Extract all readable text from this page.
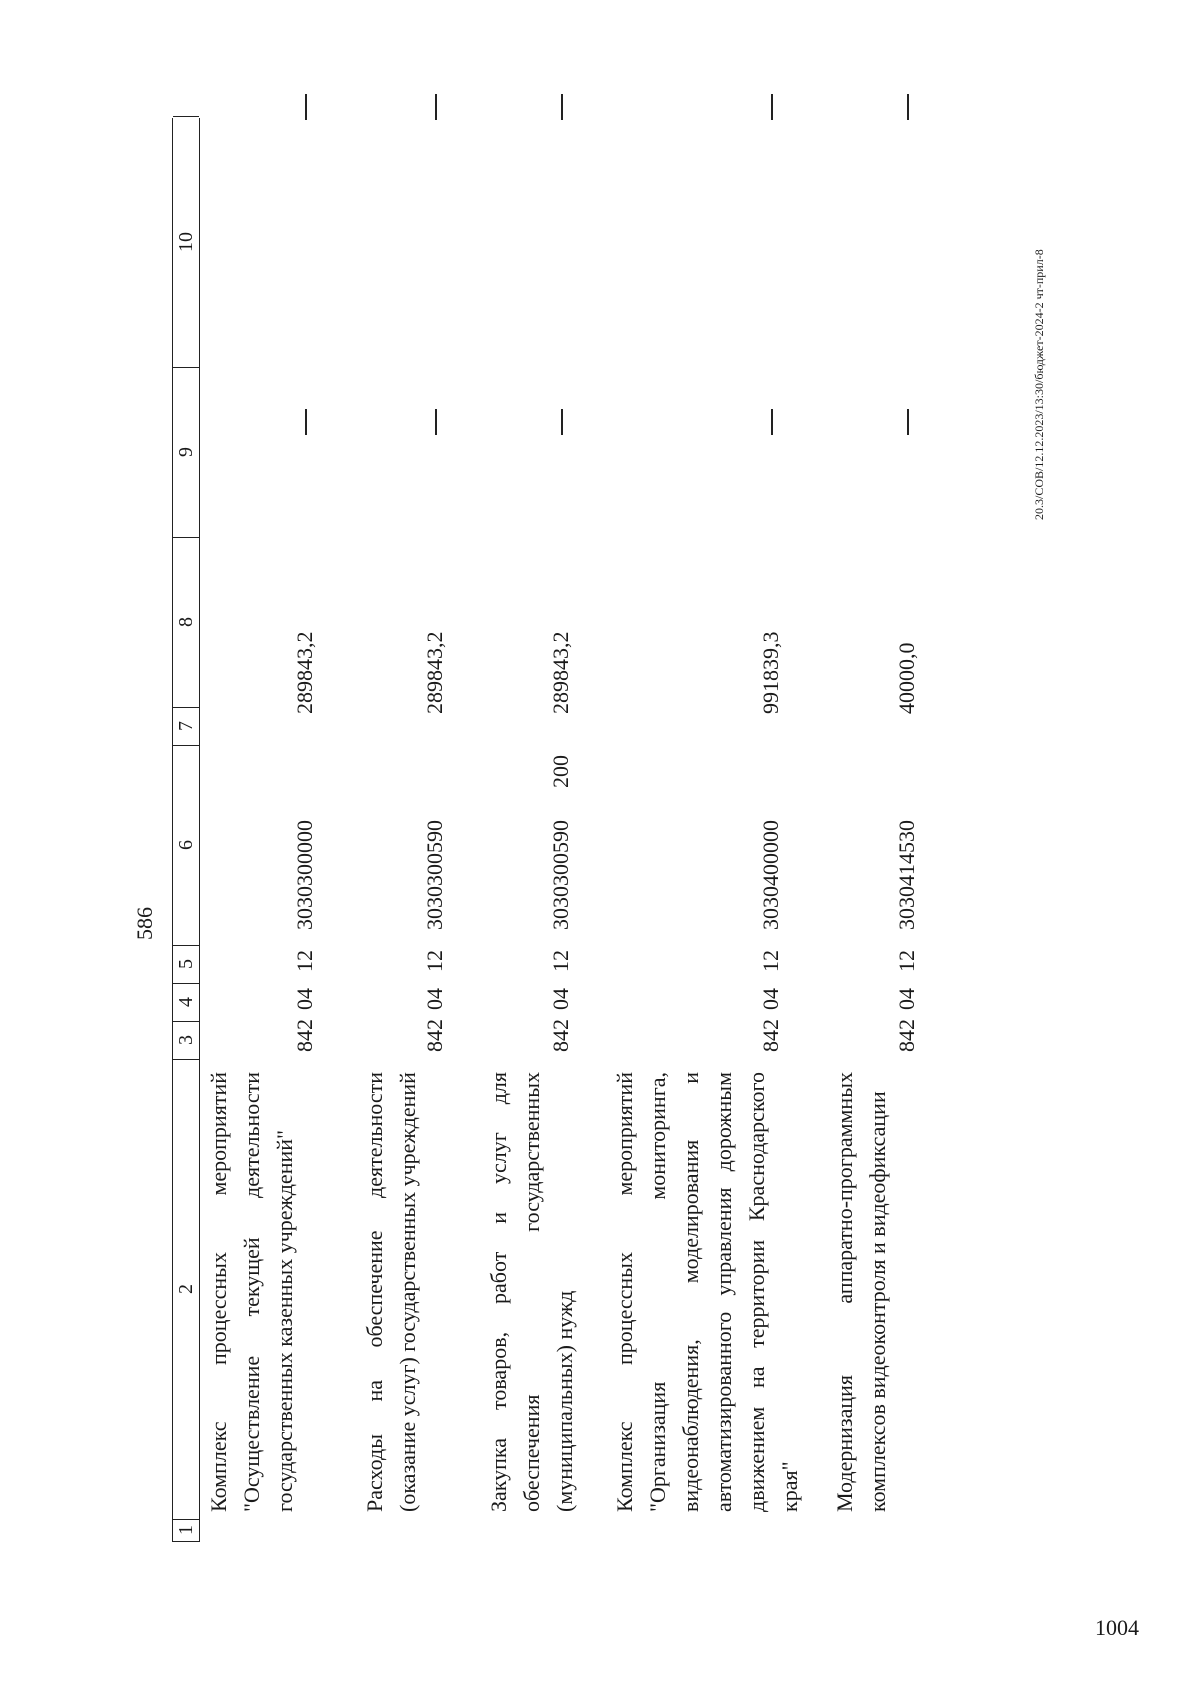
586
1
2
3
4
5
6
7
8
9
10
Комплекс процессных мероприятий "Осуществление текущей деятельности государственных казенных учреждений"
842
04
12
3030300000
289843,2
Расходы на обеспечение деятельности (оказание услуг) государственных учреждений
842
04
12
3030300590
289843,2
Закупка товаров, работ и услуг для обеспечения государственных (муниципальных) нужд
842
04
12
3030300590
200
289843,2
Комплекс процессных мероприятий "Организация мониторинга, видеонаблюдения, моделирования и автоматизированного управления дорожным движением на территории Краснодарского края"
842
04
12
3030400000
991839,3
Модернизация аппаратно-программных комплексов видеоконтроля и видеофиксации
842
04
12
3030414530
40000,0
20.3/СОВ/12.12.2023/13:30/бюджет-2024-2 чт-прил-8
1004
